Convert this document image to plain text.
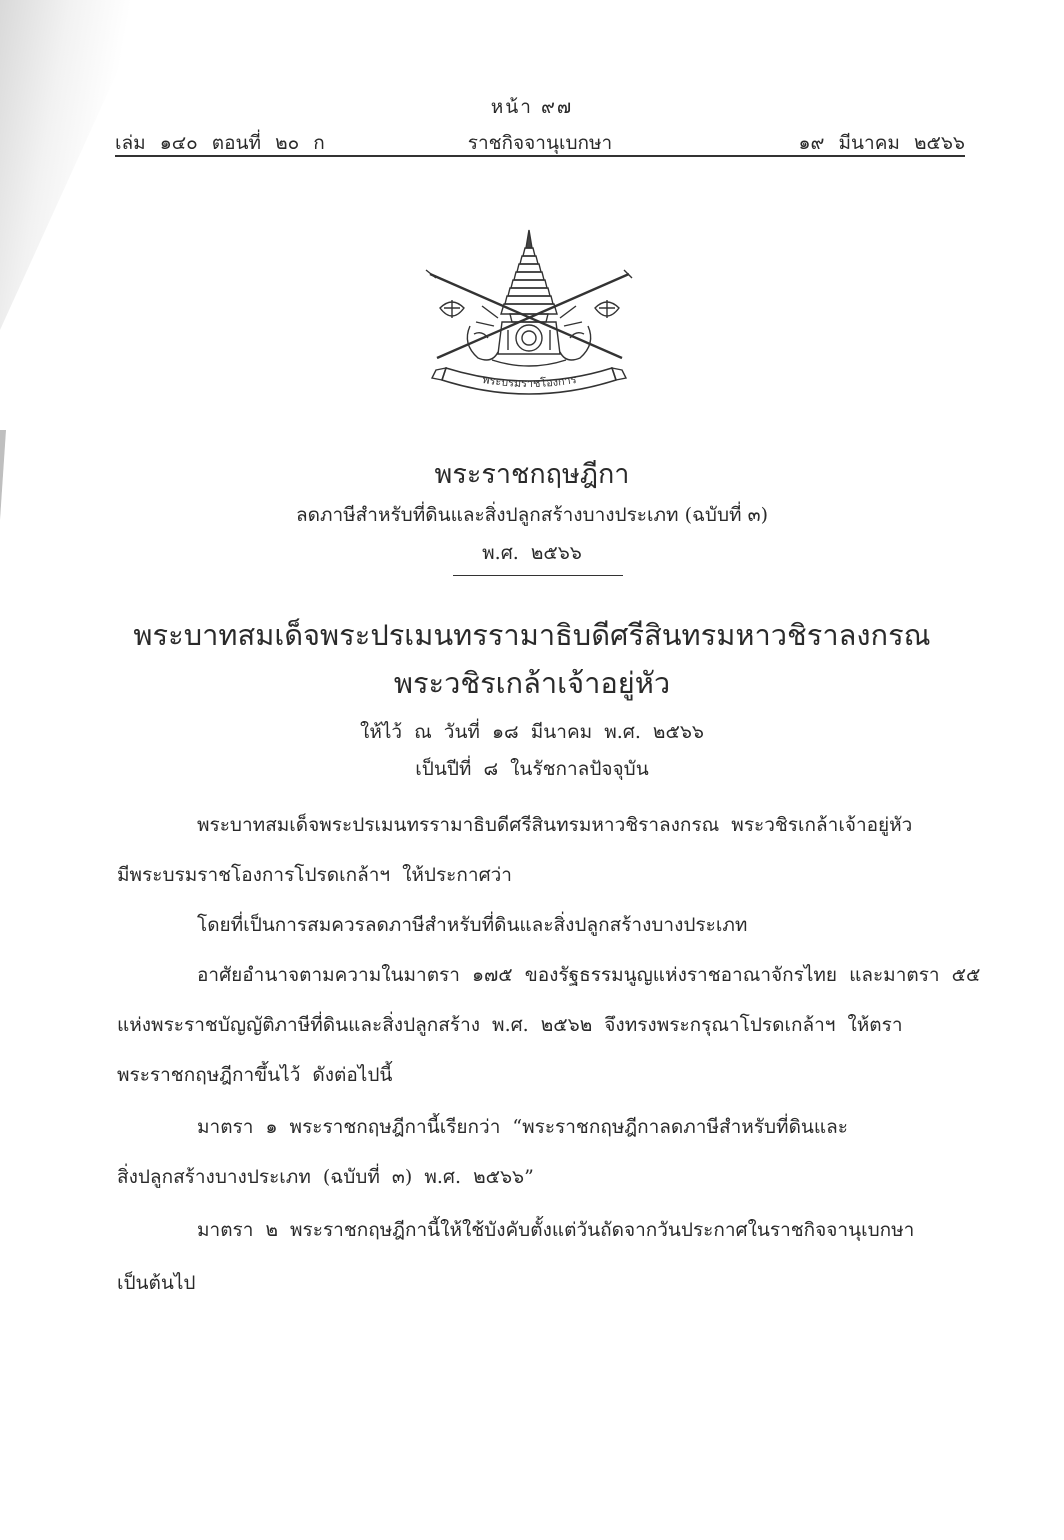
หน้า ๙๗
เล่ม ๑๔๐ ตอนที่ ๒๐ ก	ราชกิจจานุเบกษา	๑๙ มีนาคม ๒๕๖๖
พระบรมราชโองการ
พระราชกฤษฎีกา
ลดภาษีสำหรับที่ดินและสิ่งปลูกสร้างบางประเภท (ฉบับที่ ๓)
พ.ศ. ๒๕๖๖
พระบาทสมเด็จพระปรเมนทรรามาธิบดีศรีสินทรมหาวชิราลงกรณ
พระวชิรเกล้าเจ้าอยู่หัว
ให้ไว้ ณ วันที่ ๑๘ มีนาคม พ.ศ. ๒๕๖๖
เป็นปีที่ ๘ ในรัชกาลปัจจุบัน
พระบาทสมเด็จพระปรเมนทรรามาธิบดีศรีสินทรมหาวชิราลงกรณ พระวชิรเกล้าเจ้าอยู่หัว
มีพระบรมราชโองการโปรดเกล้าฯ ให้ประกาศว่า
โดยที่เป็นการสมควรลดภาษีสำหรับที่ดินและสิ่งปลูกสร้างบางประเภท
อาศัยอำนาจตามความในมาตรา ๑๗๕ ของรัฐธรรมนูญแห่งราชอาณาจักรไทย และมาตรา ๕๕
แห่งพระราชบัญญัติภาษีที่ดินและสิ่งปลูกสร้าง พ.ศ. ๒๕๖๒ จึงทรงพระกรุณาโปรดเกล้าฯ ให้ตรา
พระราชกฤษฎีกาขึ้นไว้ ดังต่อไปนี้
มาตรา ๑ พระราชกฤษฎีกานี้เรียกว่า “พระราชกฤษฎีกาลดภาษีสำหรับที่ดินและ
สิ่งปลูกสร้างบางประเภท (ฉบับที่ ๓) พ.ศ. ๒๕๖๖”
มาตรา ๒ พระราชกฤษฎีกานี้ให้ใช้บังคับตั้งแต่วันถัดจากวันประกาศในราชกิจจานุเบกษา
เป็นต้นไป
